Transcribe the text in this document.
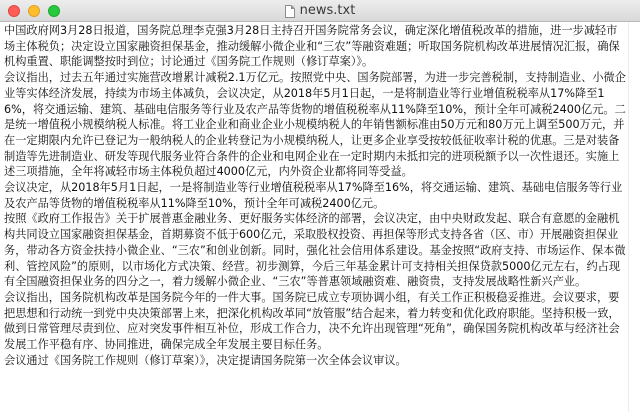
news.txt

中国政府网3月28日报道，国务院总理李克强3月28日主持召开国务院常务会议，确定深化增值税改革的措施，进一步减轻市场主体税负；决定设立国家融资担保基金，推动缓解小微企业和“三农”等融资难题；听取国务院机构改革进展情况汇报，确保机构重置、职能调整按时到位；讨论通过《国务院工作规则（修订草案）》。

会议指出，过去五年通过实施营改增累计减税2.1万亿元。按照党中央、国务院部署，为进一步完善税制，支持制造业、小微企业等实体经济发展，持续为市场主体减负，会议决定，从2018年5月1日起，一是将制造业等行业增值税税率从17%降至16%，将交通运输、建筑、基础电信服务等行业及农产品等货物的增值税税率从11%降至10%，预计全年可减税2400亿元。二是统一增值税小规模纳税人标准。将工业企业和商业企业小规模纳税人的年销售额标准由50万元和80万元上调至500万元，并在一定期限内允许已登记为一般纳税人的企业转登记为小规模纳税人，让更多企业享受按较低征收率计税的优惠。三是对装备制造等先进制造业、研发等现代服务业符合条件的企业和电网企业在一定时期内未抵扣完的进项税额予以一次性退还。实施上述三项措施，全年将减轻市场主体税负超过4000亿元，内外资企业都将同等受益。

会议决定，从2018年5月1日起，一是将制造业等行业增值税税率从17%降至16%，将交通运输、建筑、基础电信服务等行业及农产品等货物的增值税税率从11%降至10%，预计全年可减税2400亿元。

按照《政府工作报告》关于扩展普惠金融业务、更好服务实体经济的部署，会议决定，由中央财政发起、联合有意愿的金融机构共同设立国家融资担保基金，首期募资不低于600亿元，采取股权投资、再担保等形式支持各省（区、市）开展融资担保业务，带动各方资金扶持小微企业、“三农”和创业创新。同时，强化社会信用体系建设。基金按照“政府支持、市场运作、保本微利、管控风险”的原则，以市场化方式决策、经营。初步测算，今后三年基金累计可支持相关担保贷款5000亿元左右，约占现有全国融资担保业务的四分之一，着力缓解小微企业、“三农”等普惠领域融资难、融资贵，支持发展战略性新兴产业。

会议指出，国务院机构改革是国务院今年的一件大事。国务院已成立专项协调小组，有关工作正积极稳妥推进。会议要求，要把思想和行动统一到党中央决策部署上来，把深化机构改革同“放管服”结合起来，着力转变和优化政府职能。坚持积极一致，做到日常管理尽责到位、应对突发事件相互补位，形成工作合力，决不允许出现管理“死角”，确保国务院机构改革与经济社会发展工作平稳有序、协同推进，确保完成全年发展主要目标任务。

会议通过《国务院工作规则（修订草案）》，决定提请国务院第一次全体会议审议。
